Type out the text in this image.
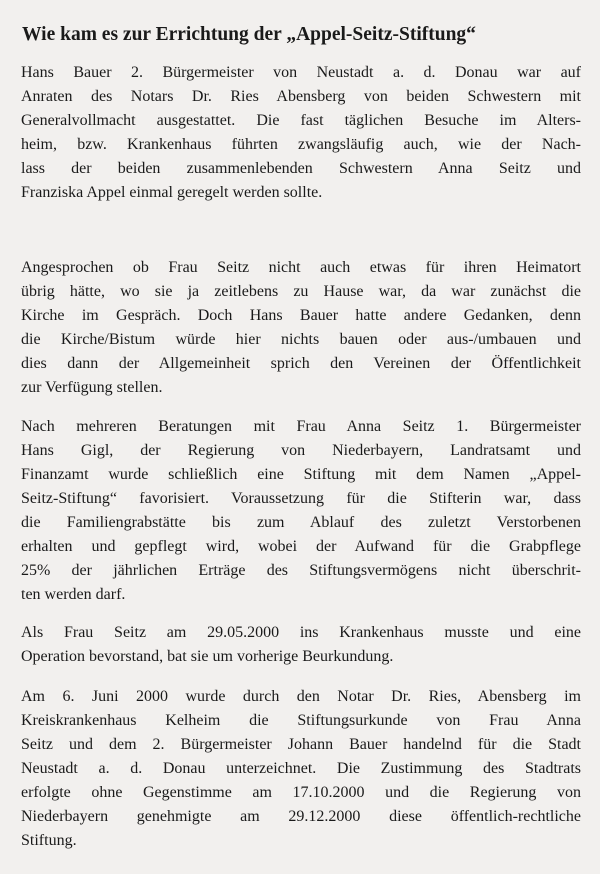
Wie kam es zur Errichtung der „Appel-Seitz-Stiftung“
Hans Bauer 2. Bürgermeister von Neustadt a. d. Donau war auf
Anraten des Notars Dr. Ries Abensberg von beiden Schwestern mit
Generalvollmacht ausgestattet. Die fast täglichen Besuche im Alters-
heim, bzw. Krankenhaus führten zwangsläufig auch, wie der Nach-
lass der beiden zusammenlebenden Schwestern Anna Seitz und
Franziska Appel einmal geregelt werden sollte.
Angesprochen ob Frau Seitz nicht auch etwas für ihren Heimatort
übrig hätte, wo sie ja zeitlebens zu Hause war, da war zunächst die
Kirche im Gespräch. Doch Hans Bauer hatte andere Gedanken, denn
die Kirche/Bistum würde hier nichts bauen oder aus-/umbauen und
dies dann der Allgemeinheit sprich den Vereinen der Öffentlichkeit
zur Verfügung stellen.
Nach mehreren Beratungen mit Frau Anna Seitz 1. Bürgermeister
Hans Gigl, der Regierung von Niederbayern, Landratsamt und
Finanzamt wurde schließlich eine Stiftung mit dem Namen „Appel-
Seitz-Stiftung“ favorisiert. Voraussetzung für die Stifterin war, dass
die Familiengrabstätte bis zum Ablauf des zuletzt Verstorbenen
erhalten und gepflegt wird, wobei der Aufwand für die Grabpflege
25% der jährlichen Erträge des Stiftungsvermögens nicht überschrit-
ten werden darf.
Als Frau Seitz am 29.05.2000 ins Krankenhaus musste und eine
Operation bevorstand, bat sie um vorherige Beurkundung.
Am 6. Juni 2000 wurde durch den Notar Dr. Ries, Abensberg im
Kreiskrankenhaus Kelheim die Stiftungsurkunde von Frau Anna
Seitz und dem 2. Bürgermeister Johann Bauer handelnd für die Stadt
Neustadt a. d. Donau unterzeichnet. Die Zustimmung des Stadtrats
erfolgte ohne Gegenstimme am 17.10.2000 und die Regierung von
Niederbayern genehmigte am 29.12.2000 diese öffentlich-rechtliche
Stiftung.
